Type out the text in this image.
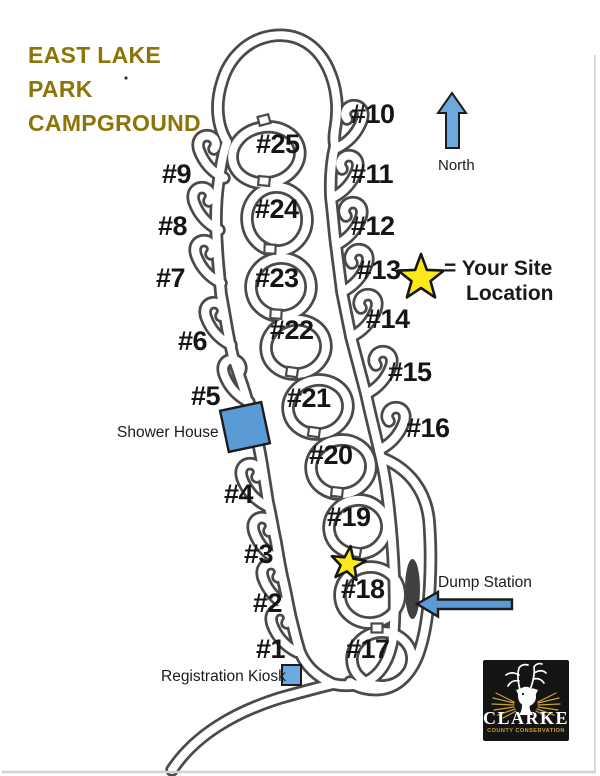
CLARKE
COUNTY CONSERVATION
EAST LAKE
PARK
CAMPGROUND
North
= Your Site
Location
#1
#2
#3
#4
#5
#6
#7
#8
#9
#10
#11
#12
#13
#14
#15
#16
#17
#18
#19
#20
#21
#22
#23
#24
#25
Shower House
Registration Kiosk
Dump Station
